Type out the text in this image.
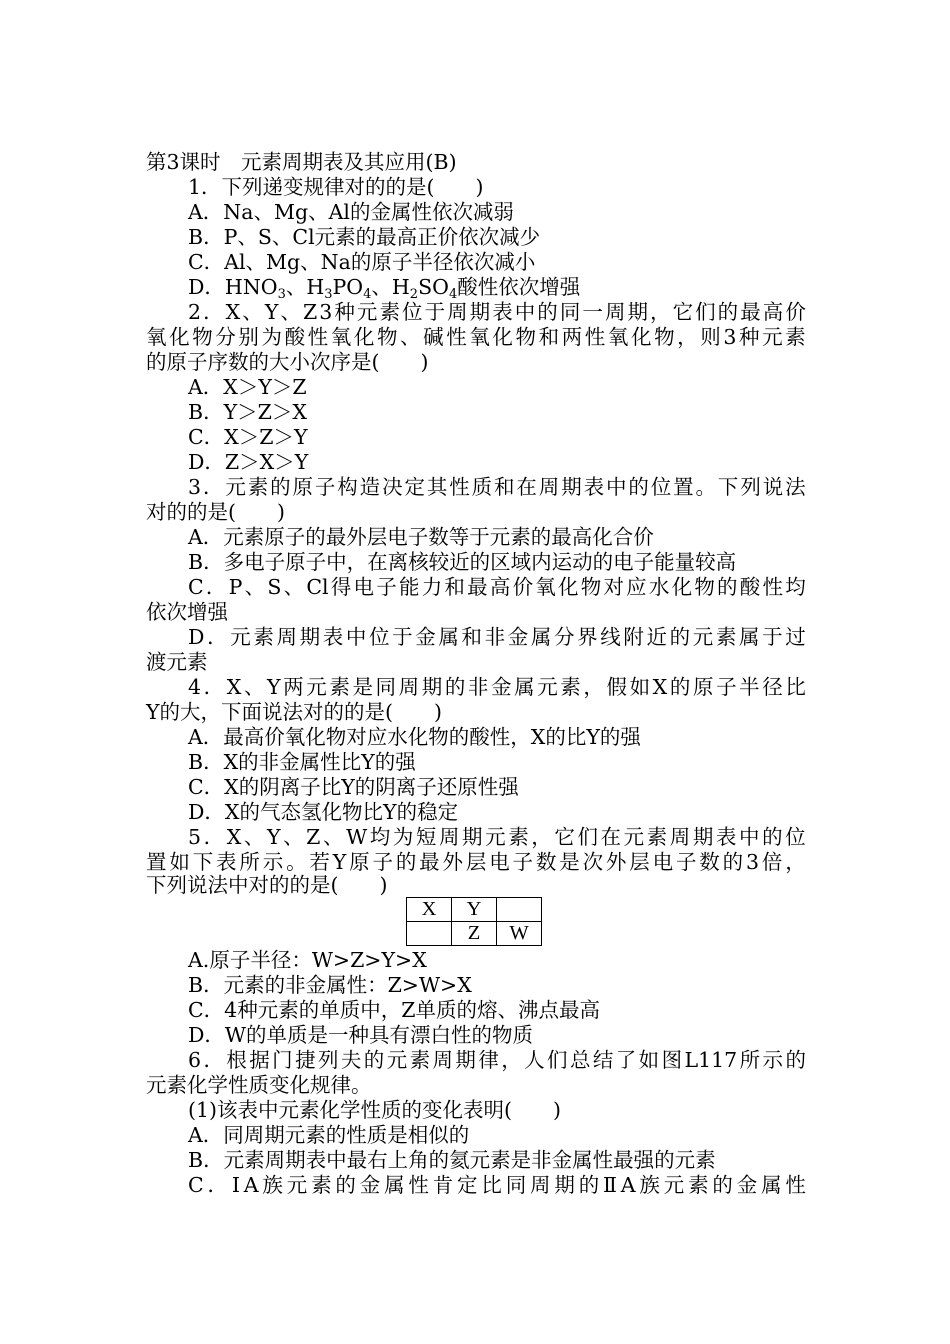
第3课时　元素周期表及其应用(B)
1．下列递变规律对的的是(　　)
A．Na、Mg、Al的金属性依次减弱
B．P、S、Cl元素的最高正价依次减少
C．Al、Mg、Na的原子半径依次减小
D．$HNO_3$、$H_3PO_4$、$H_2SO_4$酸性依次增强
2 ． X 、 Y 、 Z 3 种 元 素 位 于 周 期 表 中 的 同 一 周 期 ， 它 们 的 最 高 价
氧 化 物 分 别 为 酸 性 氧 化 物 、 碱 性 氧 化 物 和 两 性 氧 化 物 ， 则 3 种 元 素
的原子序数的大小次序是(　　)
A．X＞Y＞Z
B．Y＞Z＞X
C．X＞Z＞Y
D．Z＞X＞Y
3 ． 元 素 的 原 子 构 造 决 定 其 性 质 和 在 周 期 表 中 的 位 置 。 下 列 说 法
对的的是(　　)
A．元素原子的最外层电子数等于元素的最高化合价
B．多电子原子中，在离核较近的区域内运动的电子能量较高
C ． P 、 S 、 Cl 得 电 子 能 力 和 最 高 价 氧 化 物 对 应 水 化 物 的 酸 性 均
依次增强
D ． 元 素 周 期 表 中 位 于 金 属 和 非 金 属 分 界 线 附 近 的 元 素 属 于 过
渡元素
4 ． X 、 Y 两 元 素 是 同 周 期 的 非 金 属 元 素 ， 假 如 X 的 原 子 半 径 比
Y的大，下面说法对的的是(　　)
A．最高价氧化物对应水化物的酸性，X的比Y的强
B．X的非金属性比Y的强
C．X的阴离子比Y的阴离子还原性强
D．X的气态氢化物比Y的稳定
5 ． X 、 Y 、 Z 、 W 均 为 短 周 期 元 素 ， 它 们 在 元 素 周 期 表 中 的 位
置 如 下 表 所 示 。 若 Y 原 子 的 最 外 层 电 子 数 是 次 外 层 电 子 数 的 3 倍 ，
下列说法中对的的是(　　)
X	Y	
	Z	W
A.原子半径：W>Z>Y>X
B．元素的非金属性：Z>W>X
C．4种元素的单质中，Z单质的熔、沸点最高
D．W的单质是一种具有漂白性的物质
6 ． 根 据 门 捷 列 夫 的 元 素 周 期 律 ， 人 们 总 结 了 如 图 L117 所 示 的
元素化学性质变化规律。
(1)该表中元素化学性质的变化表明(　　)
A．同周期元素的性质是相似的
B．元素周期表中最右上角的氦元素是非金属性最强的元素
C ． Ⅰ A 族 元 素 的 金 属 性 肯 定 比 同 周 期 的 Ⅱ A 族 元 素 的 金 属 性
